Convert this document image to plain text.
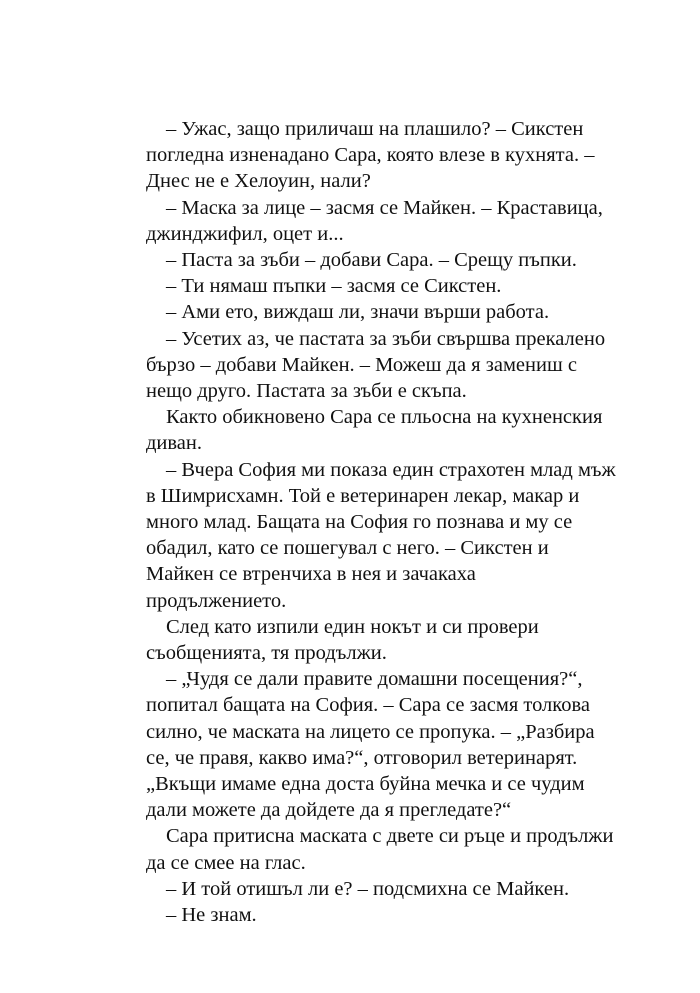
– Ужас, защо приличаш на плашило? – Сикстен
погледна изненадано Сара, която влезе в кухнята. –
Днес не е Хелоуин, нали?
– Маска за лице – засмя се Майкен. – Краставица,
джинджифил, оцет и...
– Паста за зъби – добави Сара. – Срещу пъпки.
– Ти нямаш пъпки – засмя се Сикстен.
– Ами ето, виждаш ли, значи върши работа.
– Усетих аз, че пастата за зъби свършва прекалено
бързо – добави Майкен. – Можеш да я замениш с
нещо друго. Пастата за зъби е скъпа.
Както обикновено Сара се пльосна на кухненския
диван.
– Вчера София ми показа един страхотен млад мъж
в Шимрисхамн. Той е ветеринарен лекар, макар и
много млад. Бащата на София го познава и му се
обадил, като се пошегувал с него. – Сикстен и
Майкен се втренчиха в нея и зачакаха
продължението.
След като изпили един нокът и си провери
съобщенията, тя продължи.
– „Чудя се дали правите домашни посещения?“,
попитал бащата на София. – Сара се засмя толкова
силно, че маската на лицето се пропука. – „Разбира
се, че правя, какво има?“, отговорил ветеринарят.
„Вкъщи имаме една доста буйна мечка и се чудим
дали можете да дойдете да я прегледате?“
Сара притисна маската с двете си ръце и продължи
да се смее на глас.
– И той отишъл ли е? – подсмихна се Майкен.
– Не знам.
